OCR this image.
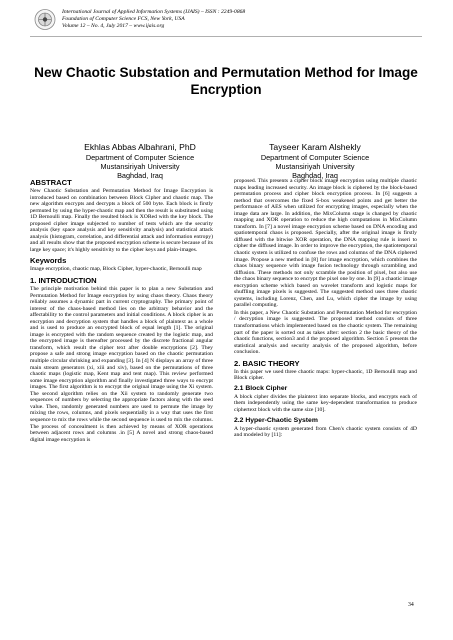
International Journal of Applied Information Systems (IJAIS) – ISSN : 2249-0868
Foundation of Computer Science FCS, New York, USA
Volume 12 – No. 4, July 2017 – www.ijais.org
New Chaotic Substation and Permutation Method for Image Encryption
Ekhlas Abbas Albahrani, PhD
Department of Computer Science
Mustansiriyah University
Baghdad, Iraq
Tayseer Karam Alshekly
Department of Computer Science
Mustansiriyah University
Baghdad, Iraq
ABSTRACT

New Chaotic Substation and Permutation Method for Image Encryption is introduced based on combination between Block Cipher and chaotic map. The new algorithm encrypts and decrypts a block of 500 byte. Each block is firstly permuted by using the hyper-chaotic map and then the result is substituted using 1D Bernoulli map. Finally the resulted block is XORed with the key block. The proposed cipher image subjected to number of tests which are the security analysis (key space analysis and key sensitivity analysis) and statistical attack analysis (histogram, correlation, and differential attack and information entropy) and all results show that the proposed encryption scheme is secure because of its large key space; it's highly sensitivity to the cipher keys and plain-images.

Keywords

Image encryption, chaotic map, Block Cipher, hyper-chaotic, Bernoulli map

1. INTRODUCTION

The principle motivation behind this paper is to plan a new Substation and Permutation Method for Image encryption by using chaos theory. Chaos theory reliably assumes a dynamic part in current cryptography. The primary point of interest of the chaos-based method lies on the arbitrary behavior and the affectability to the control parameters and initial conditions. A block cipher is an encryption and decryption system that handles a block of plaintext as a whole and is used to produce an encrypted block of equal length [1]. The original image is encrypted with the random sequence created by the logistic map, and the encrypted image is thereafter processed by the discrete fractional angular transform, which result the cipher text after double encryptions [2]. They propose a safe and strong image encryption based on the chaotic permutation multiple circular shrinking and expanding [3]. In [4] N displays an array of three main stream generators (xi, xiii and xiv), based on the permutations of three chaotic maps (logistic map, Kent map and tent map). This review performed some image encryption algorithm and finally investigated three ways to encrypt images. The first algorithm is to encrypt the original image using the Xi system. The second algorithm relies on the Xii system to randomly generate two sequences of numbers by selecting the appropriate factors along with the seed value. Then, randomly generated numbers are used to permute the image by mixing the rows, columns, and pixels sequentially in a way that uses the first sequence to mix the rows while the second sequence is used to mix the columns. The process of concealment is then achieved by means of XOR operations between adjacent rows and columns .in [5] A novel and strong chaos-based digital image encryption is

proposed. This presents a cipher block image encryption using multiple chaotic maps leading increased security. An image block is ciphered by the block-based permutation process and cipher block encryption process. In [6] suggests a method that overcomes the fixed S-box weakened points and get better the performance of AES when utilized for encrypting images, especially when the image data are large. In addition, the MixColumn stage is changed by chaotic mapping and XOR operation to reduce the high computations in MixColumn transform. In [7] a novel image encryption scheme based on DNA encoding and spatiotemporal chaos is proposed. Specially, after the original image is firstly diffused with the bitwise XOR operation, the DNA mapping rule is inseri to cipher the diffused image. In order to improve the encryption, the spatiotemporal chaotic system is utilized to confuse the rows and columns of the DNA ciphered image. Propose a new method in [8] for image encryption, which combines the chaos binary sequence with image fusion technology through scrambling and diffusion. These methods not only scramble the position of pixel, but also use the chaos binary sequence to encrypt the pixel one by one. In [9] a chaotic image encryption scheme which based on wavelet transform and logistic maps for shuffling image pixels is suggested. The suggested method uses three chaotic systems, including Lorenz, Chen, and Lu, which cipher the image by using parallel computing.

In this paper, a New Chaotic Substation and Permutation Method for encryption / decryption image is suggested. The proposed method consists of three transformations which implemented based on the chaotic system. The remaining part of the paper is sorted out as takes after: section 2 the basic theory of the chaotic functions, section3 and 4 the proposed algorithm. Section 5 presents the statistical analysis and security analysis of the proposed algorithm, before conclusion.

2. BASIC THEORY

In this paper we used three chaotic maps: hyper-chaotic, 1D Bernoulli map and Block cipher.

2.1 Block Cipher

A block cipher divides the plaintext into separate blocks, and encrypts each of them independently using the same key-dependent transformation to produce ciphertext block with the same size [10].

2.2 Hyper-Chaotic System

A hyper-chaotic system generated from Chen's chaotic system consists of 4D and modeled by [11]:

34
